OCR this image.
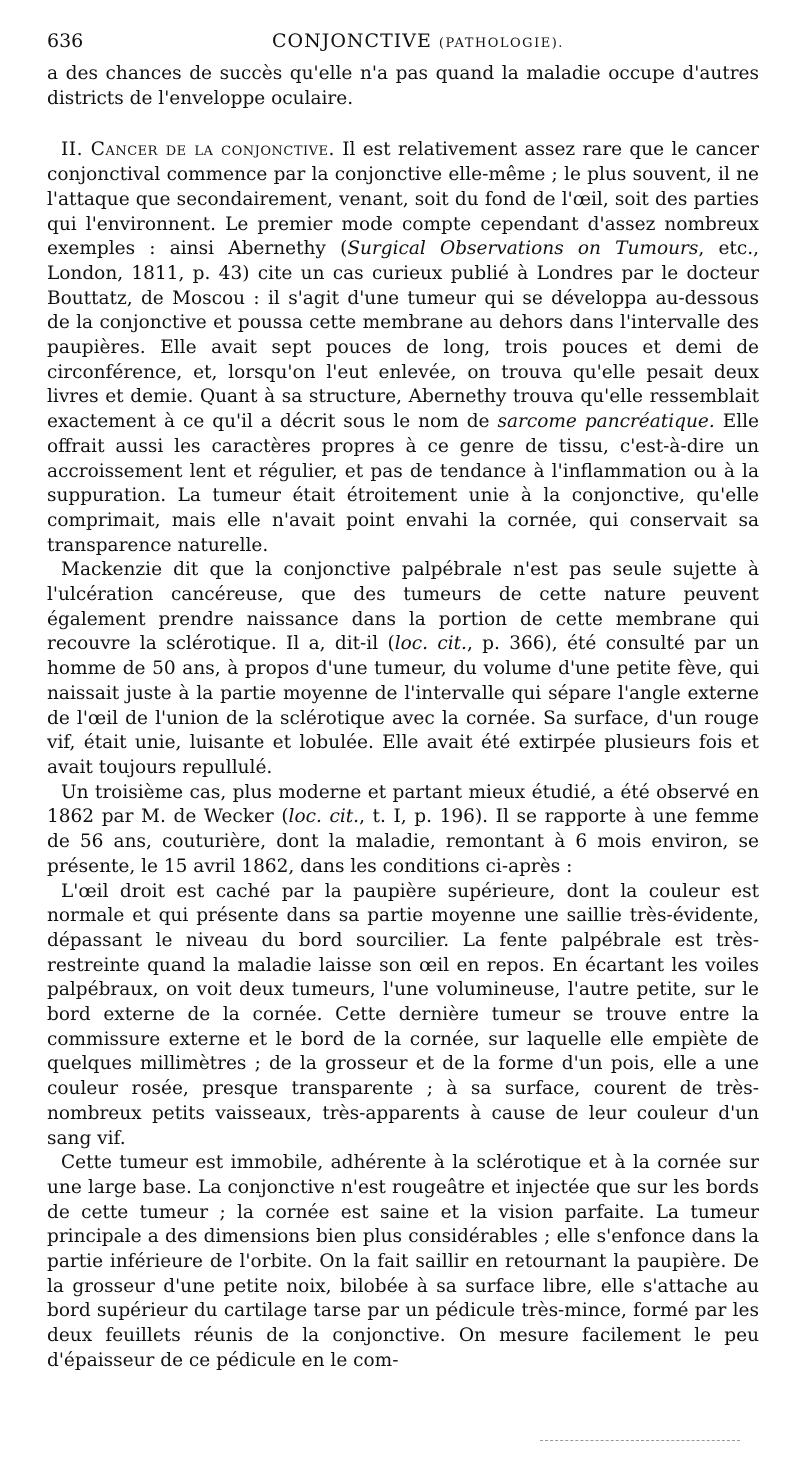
636	CONJONCTIVE (PATHOLOGIE).

a des chances de succès qu'elle n'a pas quand la maladie occupe d'autres districts de l'enveloppe oculaire.

II. Cancer de la conjonctive. Il est relativement assez rare que le cancer conjonctival commence par la conjonctive elle-même ; le plus souvent, il ne l'attaque que secondairement, venant, soit du fond de l'œil, soit des parties qui l'environnent. Le premier mode compte cependant d'assez nombreux exemples : ainsi Abernethy (Surgical Observations on Tumours, etc., London, 1811, p. 43) cite un cas curieux publié à Londres par le docteur Bouttatz, de Moscou : il s'agit d'une tumeur qui se développa au-dessous de la conjonctive et poussa cette membrane au dehors dans l'intervalle des paupières. Elle avait sept pouces de long, trois pouces et demi de circonférence, et, lorsqu'on l'eut enlevée, on trouva qu'elle pesait deux livres et demie. Quant à sa structure, Abernethy trouva qu'elle ressemblait exactement à ce qu'il a décrit sous le nom de sarcome pancréatique. Elle offrait aussi les caractères propres à ce genre de tissu, c'est-à-dire un accroissement lent et régulier, et pas de tendance à l'inflammation ou à la suppuration. La tumeur était étroitement unie à la conjonctive, qu'elle comprimait, mais elle n'avait point envahi la cornée, qui conservait sa transparence naturelle.

Mackenzie dit que la conjonctive palpébrale n'est pas seule sujette à l'ulcération cancéreuse, que des tumeurs de cette nature peuvent également prendre naissance dans la portion de cette membrane qui recouvre la sclérotique. Il a, dit-il (loc. cit., p. 366), été consulté par un homme de 50 ans, à propos d'une tumeur, du volume d'une petite fève, qui naissait juste à la partie moyenne de l'intervalle qui sépare l'angle externe de l'œil de l'union de la sclérotique avec la cornée. Sa surface, d'un rouge vif, était unie, luisante et lobulée. Elle avait été extirpée plusieurs fois et avait toujours repullulé.

Un troisième cas, plus moderne et partant mieux étudié, a été observé en 1862 par M. de Wecker (loc. cit., t. I, p. 196). Il se rapporte à une femme de 56 ans, couturière, dont la maladie, remontant à 6 mois environ, se présente, le 15 avril 1862, dans les conditions ci-après :

L'œil droit est caché par la paupière supérieure, dont la couleur est normale et qui présente dans sa partie moyenne une saillie très-évidente, dépassant le niveau du bord sourcilier. La fente palpébrale est très-restreinte quand la maladie laisse son œil en repos. En écartant les voiles palpébraux, on voit deux tumeurs, l'une volumineuse, l'autre petite, sur le bord externe de la cornée. Cette dernière tumeur se trouve entre la commissure externe et le bord de la cornée, sur laquelle elle empiète de quelques millimètres ; de la grosseur et de la forme d'un pois, elle a une couleur rosée, presque transparente ; à sa surface, courent de très-nombreux petits vaisseaux, très-apparents à cause de leur couleur d'un sang vif.

Cette tumeur est immobile, adhérente à la sclérotique et à la cornée sur une large base. La conjonctive n'est rougeâtre et injectée que sur les bords de cette tumeur ; la cornée est saine et la vision parfaite. La tumeur principale a des dimensions bien plus considérables ; elle s'enfonce dans la partie inférieure de l'orbite. On la fait saillir en retournant la paupière. De la grosseur d'une petite noix, bilobée à sa surface libre, elle s'attache au bord supérieur du cartilage tarse par un pédicule très-mince, formé par les deux feuillets réunis de la conjonctive. On mesure facilement le peu d'épaisseur de ce pédicule en le com-
